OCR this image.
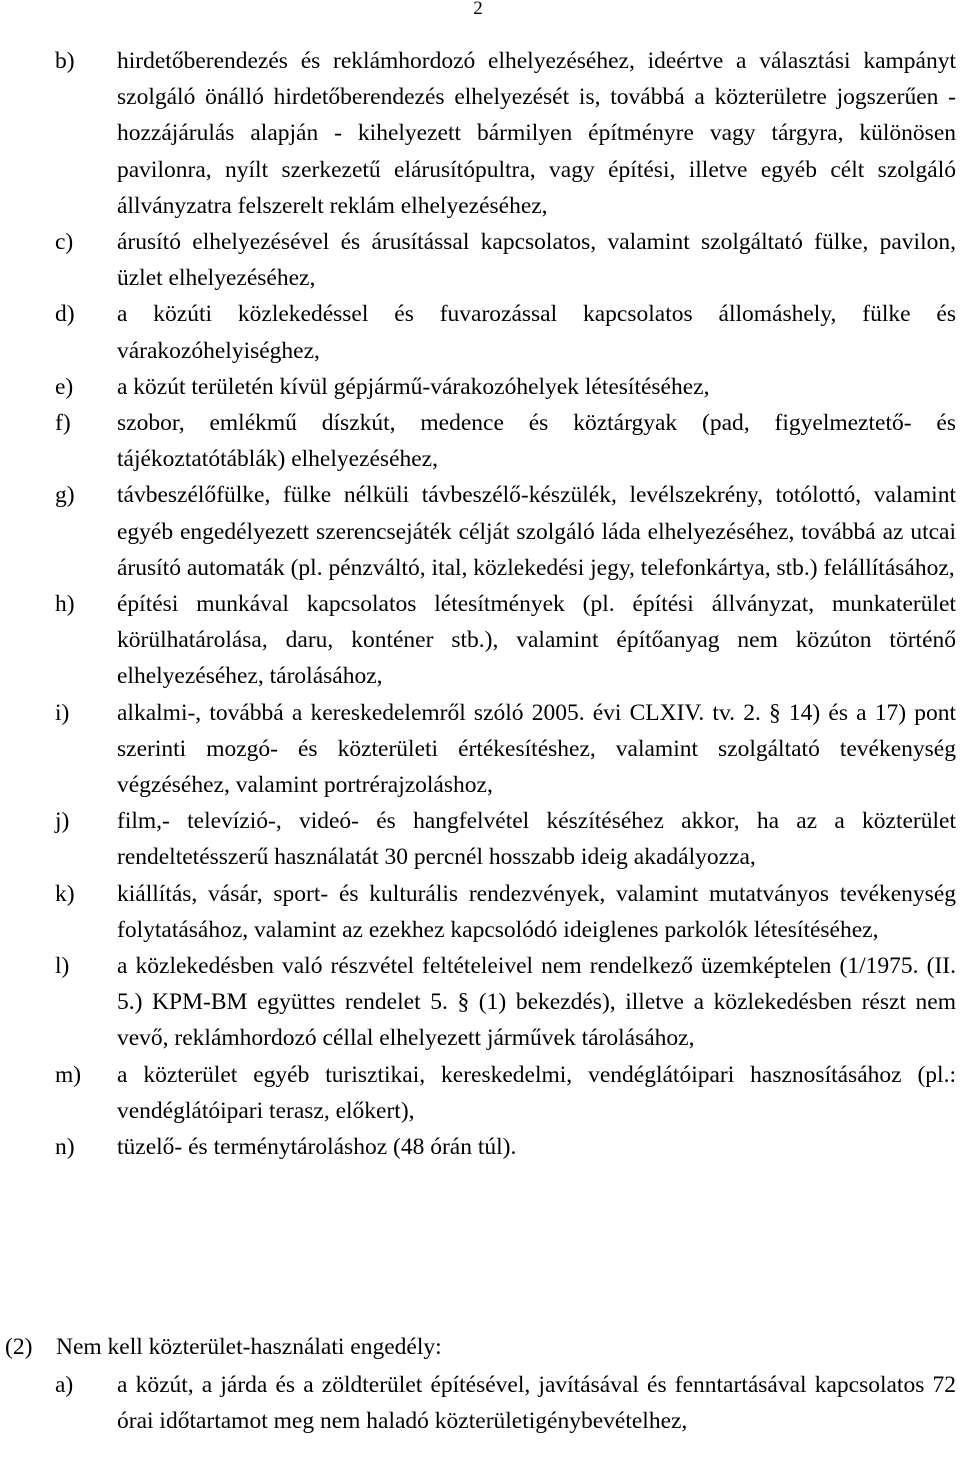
2
b) hirdetőberendezés és reklámhordozó elhelyezéséhez, ideértve a választási kampányt szolgáló önálló hirdetőberendezés elhelyezését is, továbbá a közterületre jogszerűen - hozzájárulás alapján - kihelyezett bármilyen építményre vagy tárgyra, különösen pavilonra, nyílt szerkezetű elárusítópultra, vagy építési, illetve egyéb célt szolgáló állványzatra felszerelt reklám elhelyezéséhez,
c) árusító elhelyezésével és árusítással kapcsolatos, valamint szolgáltató fülke, pavilon, üzlet elhelyezéséhez,
d) a közúti közlekedéssel és fuvarozással kapcsolatos állomáshely, fülke és várakozóhelyiséghez,
e) a közút területén kívül gépjármű-várakozóhelyek létesítéséhez,
f) szobor, emlékmű díszkút, medence és köztárgyak (pad, figyelmeztető- és tájékoztatótáblák) elhelyezéséhez,
g) távbeszélőfülke, fülke nélküli távbeszélő-készülék, levélszekrény, totólottó, valamint egyéb engedélyezett szerencsejáték célját szolgáló láda elhelyezéséhez, továbbá az utcai árusító automaták (pl. pénzváltó, ital, közlekedési jegy, telefonkártya, stb.) felállításához,
h) építési munkával kapcsolatos létesítmények (pl. építési állványzat, munkaterület körülhatárolása, daru, konténer stb.), valamint építőanyag nem közúton történő elhelyezéséhez, tárolásához,
i) alkalmi-, továbbá a kereskedelemről szóló 2005. évi CLXIV. tv. 2. § 14) és a 17) pont szerinti mozgó- és közterületi értékesítéshez, valamint szolgáltató tevékenység végzéséhez, valamint portrérajzoláshoz,
j) film,- televízió-, videó- és hangfelvétel készítéséhez akkor, ha az a közterület rendeltetésszerű használatát 30 percnél hosszabb ideig akadályozza,
k) kiállítás, vásár, sport- és kulturális rendezvények, valamint mutatványos tevékenység folytatásához, valamint az ezekhez kapcsolódó ideiglenes parkolók létesítéséhez,
l) a közlekedésben való részvétel feltételeivel nem rendelkező üzemképtelen (1/1975. (II. 5.) KPM-BM együttes rendelet 5. § (1) bekezdés), illetve a közlekedésben részt nem vevő, reklámhordozó céllal elhelyezett járművek tárolásához,
m) a közterület egyéb turisztikai, kereskedelmi, vendéglátóipari hasznosításához (pl.: vendéglátóipari terasz, előkert),
n) tüzelő- és terménytároláshoz (48 órán túl).
(2) Nem kell közterület-használati engedély:
a) a közút, a járda és a zöldterület építésével, javításával és fenntartásával kapcsolatos 72 órai időtartamot meg nem haladó közterületigénybevételhez,
